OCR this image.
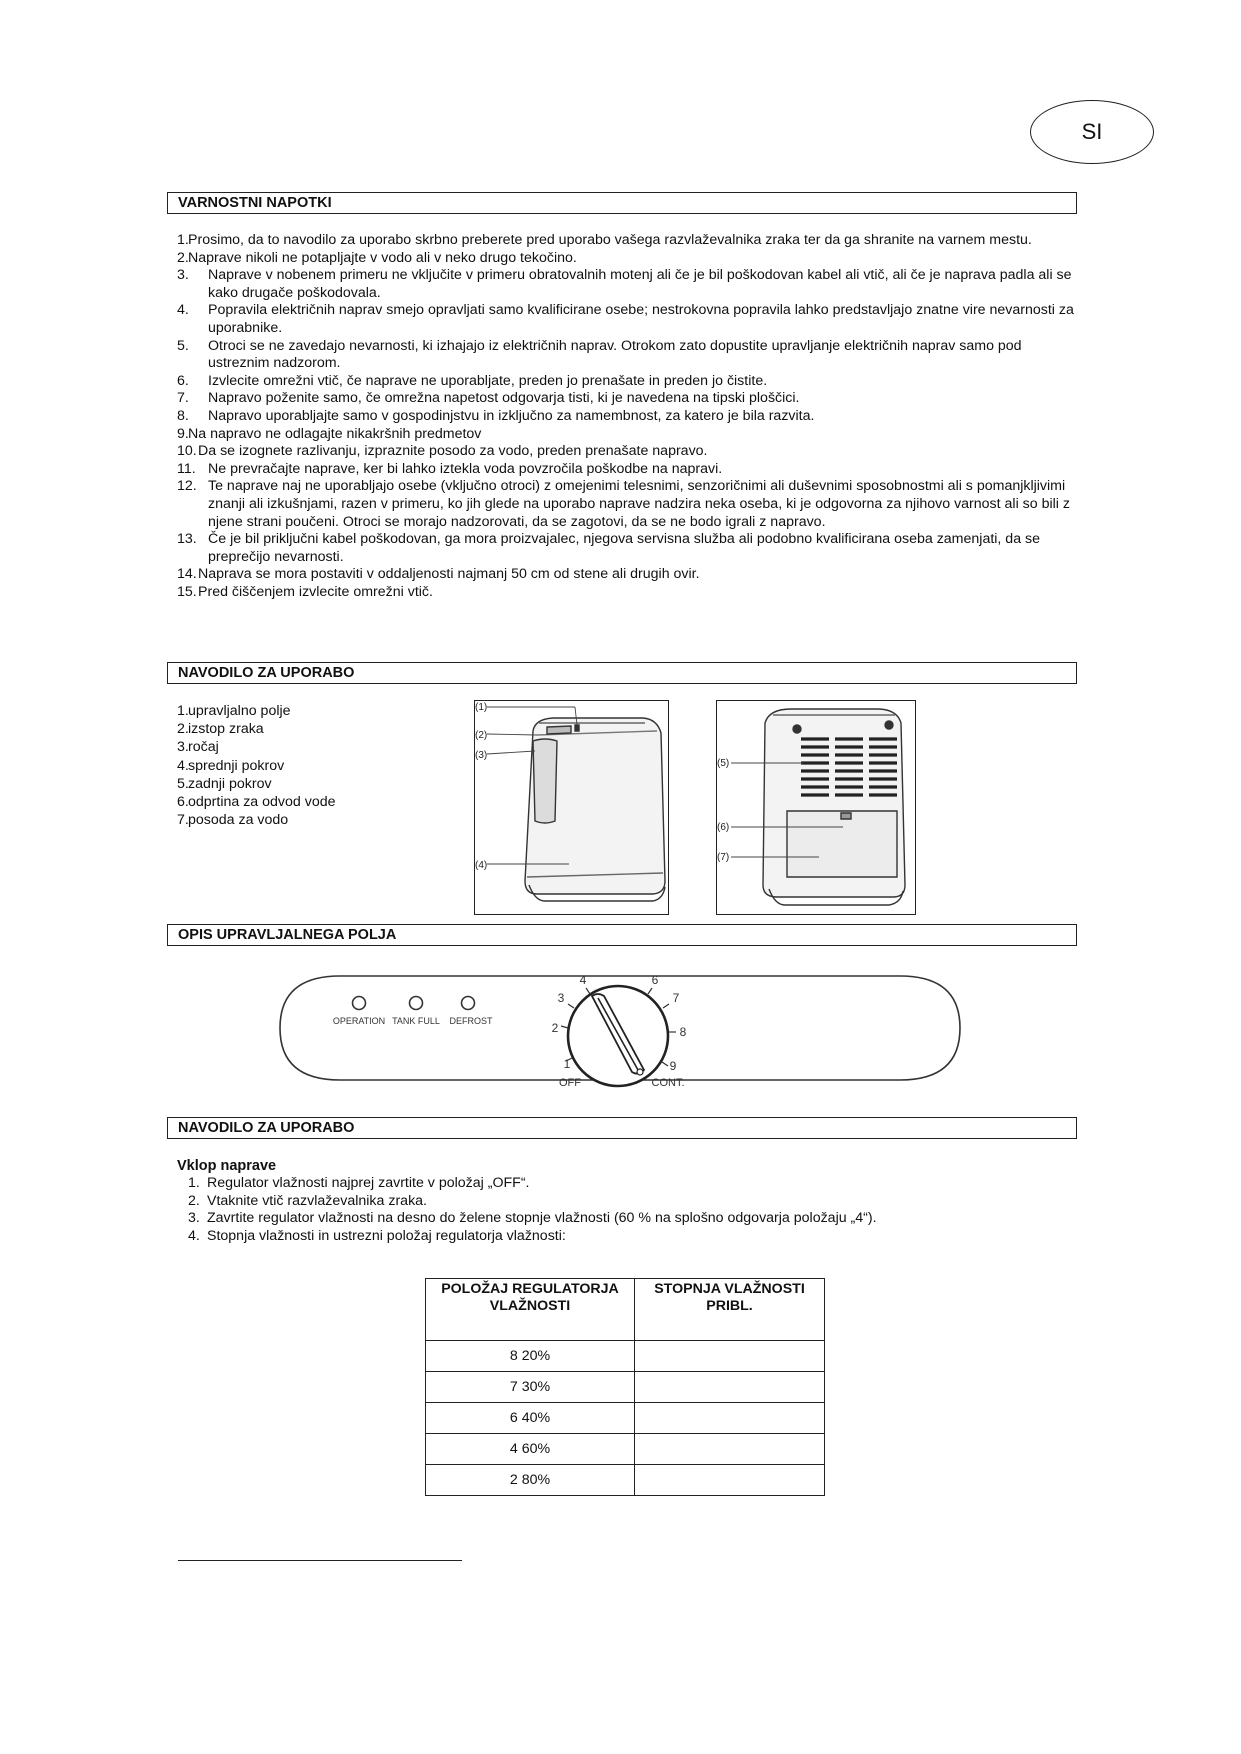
SI
VARNOSTNI NAPOTKI
1. Prosimo, da to navodilo za uporabo skrbno preberete pred uporabo vašega razvlaževalnika zraka ter da ga shranite na varnem mestu.
2. Naprave nikoli ne potapljajte v vodo ali v neko drugo tekočino.
3. Naprave v nobenem primeru ne vključite v primeru obratovalnih motenj ali če je bil poškodovan kabel ali vtič, ali če je naprava padla ali se kako drugače poškodovala.
4. Popravila električnih naprav smejo opravljati samo kvalificirane osebe; nestrokovna popravila lahko predstavljajo znatne vire nevarnosti za uporabnike.
5. Otroci se ne zavedajo nevarnosti, ki izhajajo iz električnih naprav. Otrokom zato dopustite upravljanje električnih naprav samo pod ustreznim nadzorom.
6. Izvlecite omrežni vtič, če naprave ne uporabljate, preden jo prenašate in preden jo čistite.
7. Napravo poženite samo, če omrežna napetost odgovarja tisti, ki je navedena na tipski ploščici.
8. Napravo uporabljajte samo v gospodinjstvu in izključno za namembnost, za katero je bila razvita.
9. Na napravo ne odlagajte nikakršnih predmetov
10. Da se izognete razlivanju, izpraznite posodo za vodo, preden prenašate napravo.
11. Ne prevračajte naprave, ker bi lahko iztekla voda povzročila poškodbe na napravi.
12. Te naprave naj ne uporabljajo osebe (vključno otroci) z omejenimi telesnimi, senzoričnimi ali duševnimi sposobnostmi ali s pomanjkljivimi znanji ali izkušnjami, razen v primeru, ko jih glede na uporabo naprave nadzira neka oseba, ki je odgovorna za njihovo varnost ali so bili z njene strani poučeni. Otroci se morajo nadzorovati, da se zagotovi, da se ne bodo igrali z napravo.
13. Če je bil priključni kabel poškodovan, ga mora proizvajalec, njegova servisna služba ali podobno kvalificirana oseba zamenjati, da se preprečijo nevarnosti.
14. Naprava se mora postaviti v oddaljenosti najmanj 50 cm od stene ali drugih ovir.
15. Pred čiščenjem izvlecite omrežni vtič.
NAVODILO ZA UPORABO
1. upravljalno polje
2. izstop zraka
3. ročaj
4. sprednji pokrov
5. zadnji pokrov
6. odprtina za odvod vode
7. posoda za vodo
(1)
(2)
(3)
(4)
(5)
(6)
(7)
OPIS UPRAVLJALNEGA POLJA
OPERATION TANK FULL DEFROST
1
2
3
4	6
7
8
9
OFF	CONT.
NAVODILO ZA UPORABO
Vklop naprave
1. Regulator vlažnosti najprej zavrtite v položaj „OFF“.
2. Vtaknite vtič razvlaževalnika zraka.
3. Zavrtite regulator vlažnosti na desno do želene stopnje vlažnosti (60 % na splošno odgovarja položaju „4“).
4. Stopnja vlažnosti in ustrezni položaj regulatorja vlažnosti:
POLOŽAJ REGULATORJA VLAŽNOSTI	STOPNJA VLAŽNOSTI PRIBL.
8 20%	
7 30%	
6 40%	
4 60%	
2 80%	
